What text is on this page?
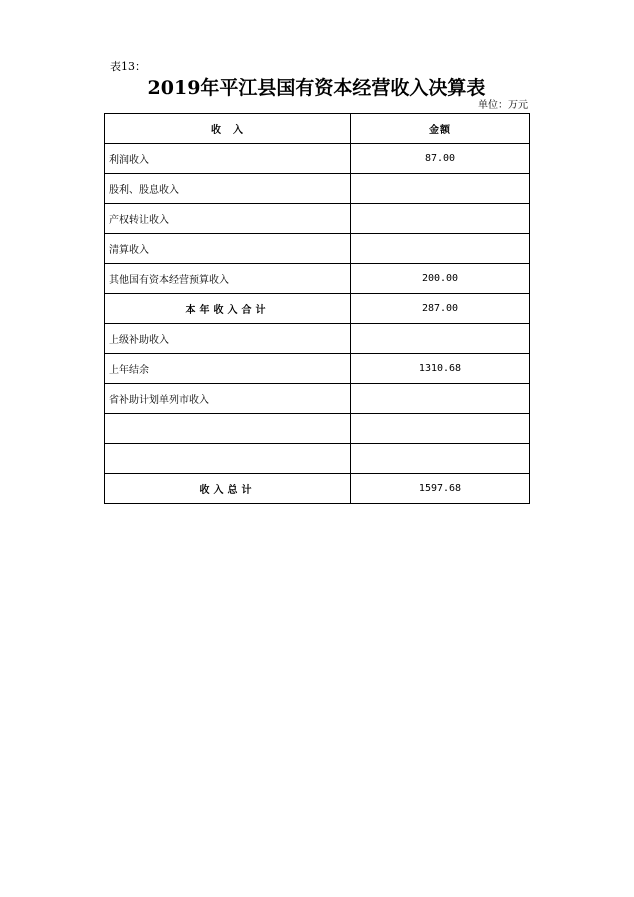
表13：
2019年平江县国有资本经营收入决算表
单位：万元
收　入	金额
利润收入	87.00
股利、股息收入	
产权转让收入	
清算收入	
其他国有资本经营预算收入	200.00
本年收入合计	287.00
上级补助收入	
上年结余	1310.68
省补助计划单列市收入	

收入总计	1597.68
